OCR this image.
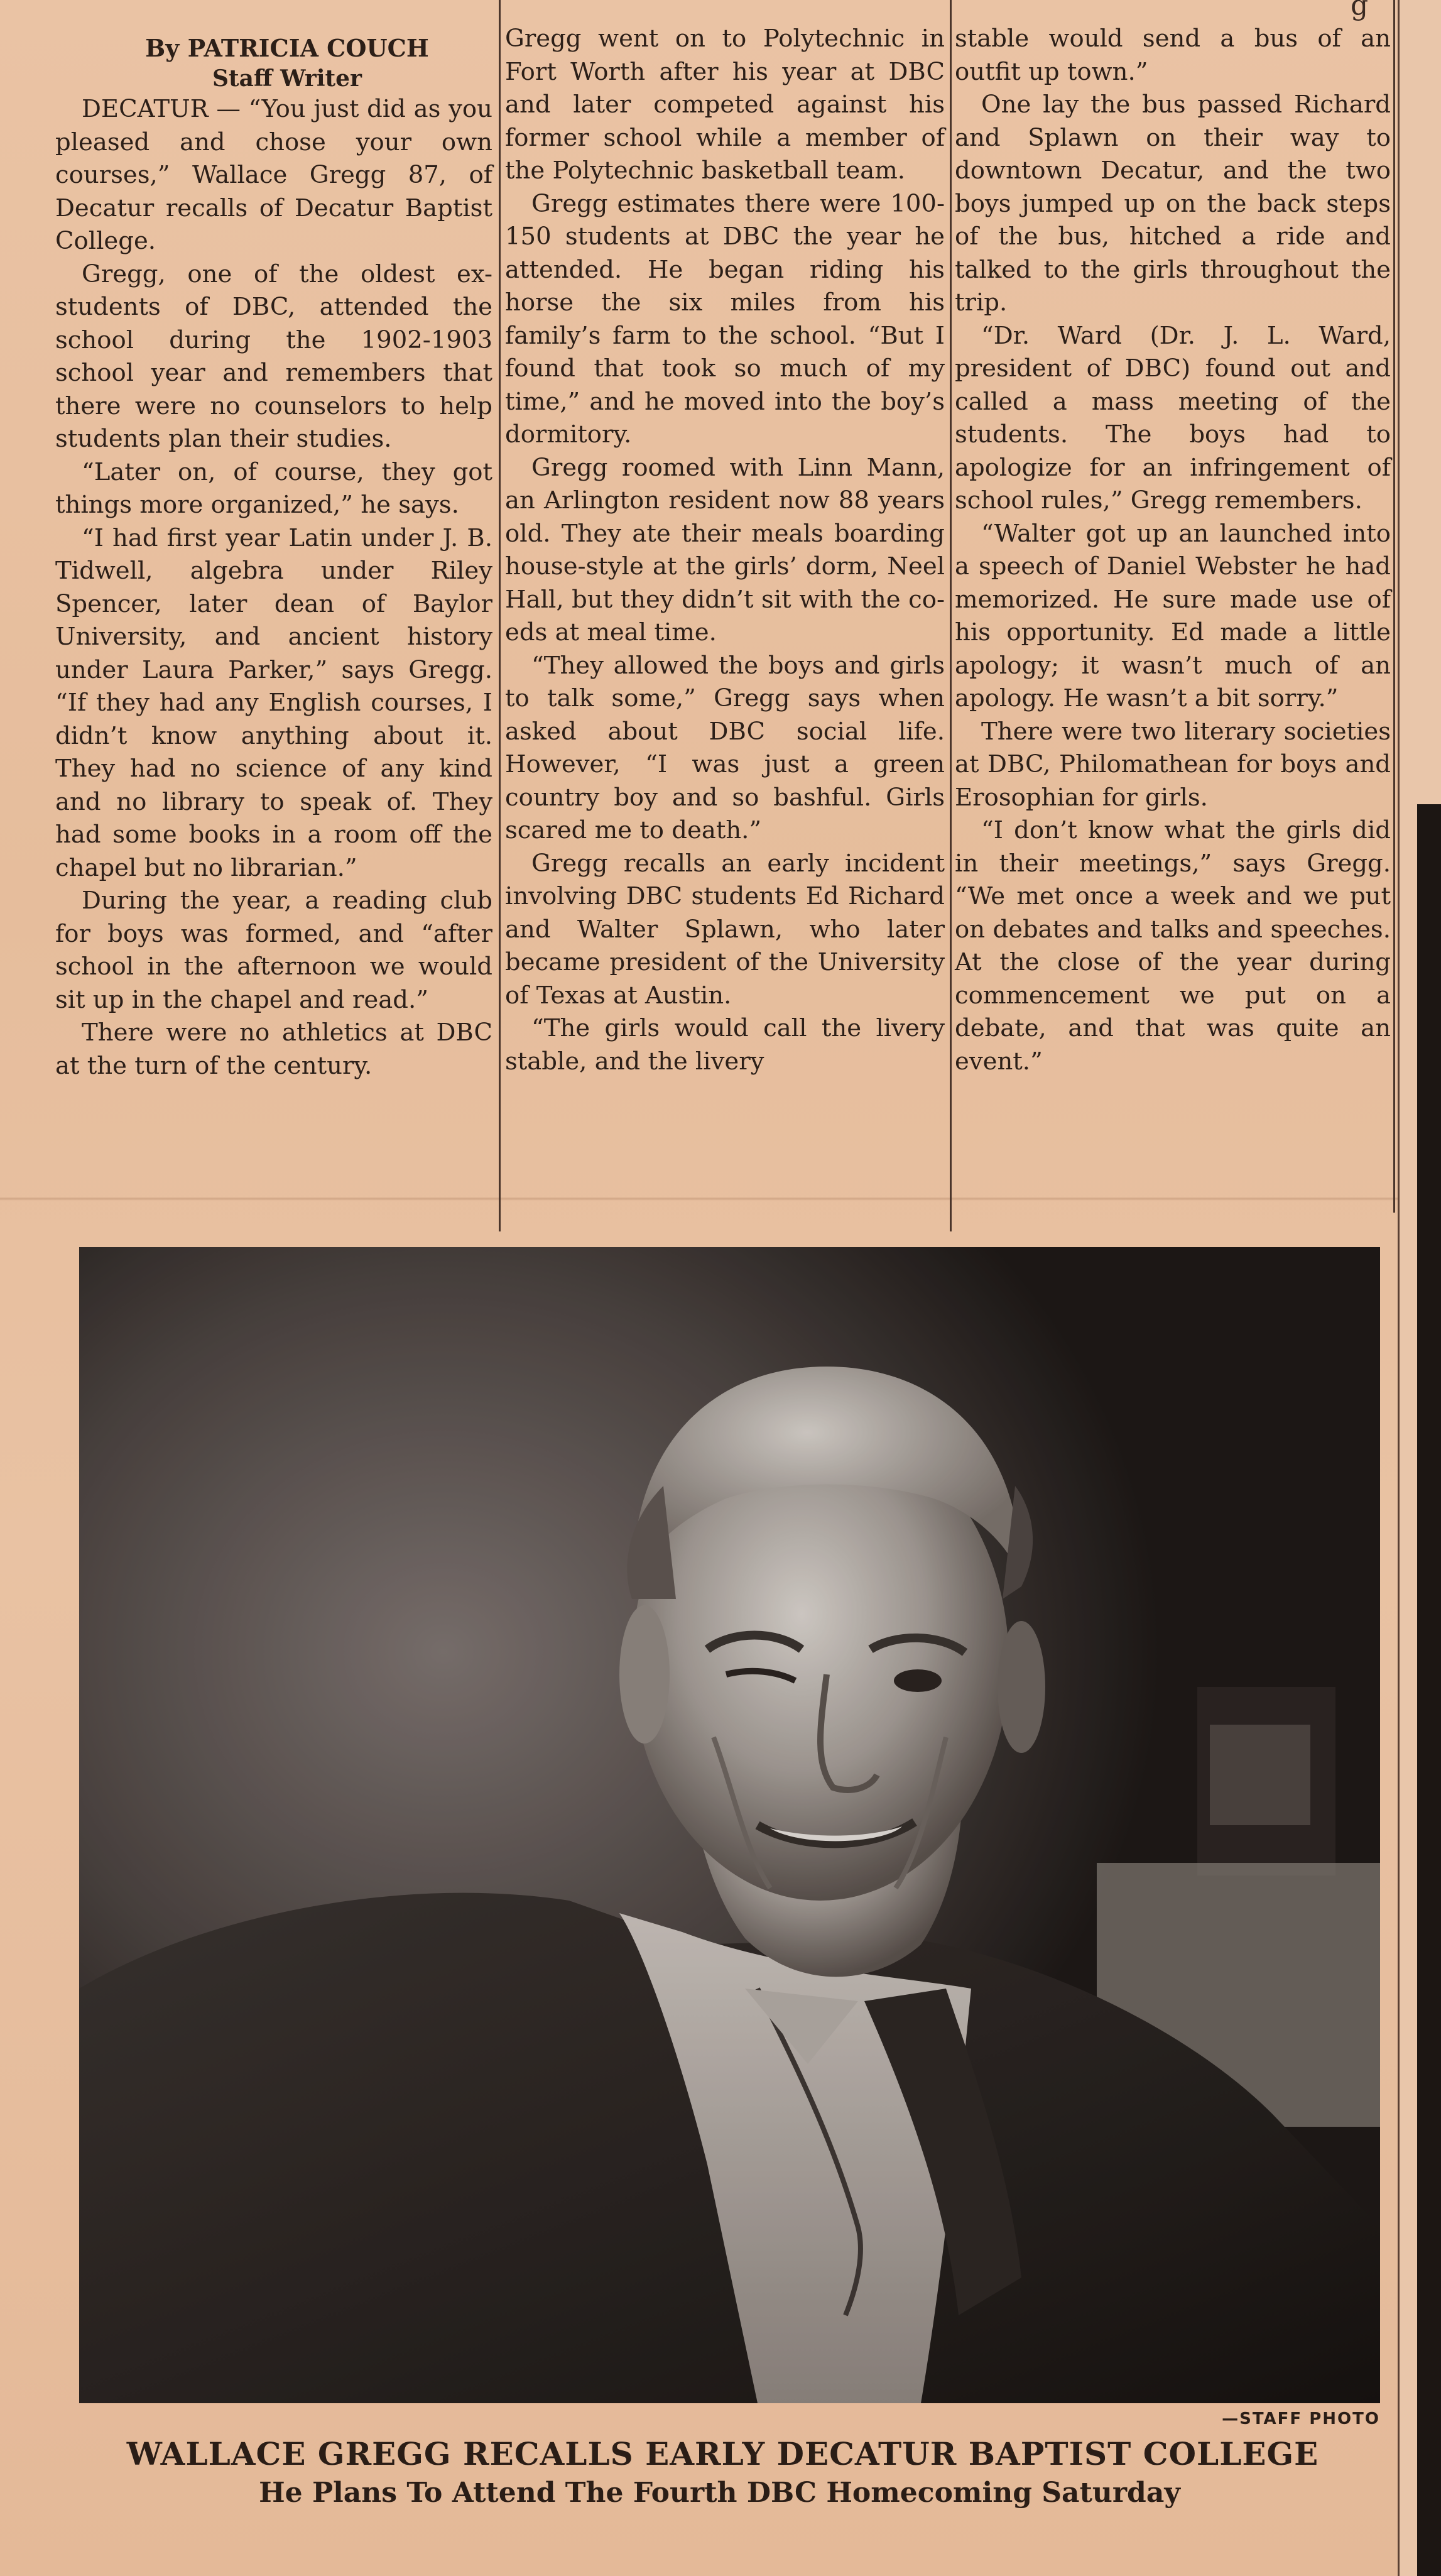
g

By PATRICIA COUCH

Staff Writer

DECATUR — “You just did as you pleased and chose your own courses,” Wallace Gregg 87, of Decatur recalls of Decatur Baptist College.

Gregg, one of the oldest ex-students of DBC, attended the school during the 1902-1903 school year and remembers that there were no counselors to help students plan their studies.

“Later on, of course, they got things more organized,” he says.

“I had first year Latin under J. B. Tidwell, algebra under Riley Spencer, later dean of Baylor University, and ancient history under Laura Parker,” says Gregg. “If they had any English courses, I didn’t know anything about it. They had no science of any kind and no library to speak of. They had some books in a room off the chapel but no librarian.”

During the year, a reading club for boys was formed, and “after school in the afternoon we would sit up in the chapel and read.”

There were no athletics at DBC at the turn of the century.

Gregg went on to Polytechnic in Fort Worth after his year at DBC and later competed against his former school while a member of the Polytechnic basketball team.

Gregg estimates there were 100-150 students at DBC the year he attended. He began riding his horse the six miles from his family’s farm to the school. “But I found that took so much of my time,” and he moved into the boy’s dormitory.

Gregg roomed with Linn Mann, an Arlington resident now 88 years old. They ate their meals boarding house-style at the girls’ dorm, Neel Hall, but they didn’t sit with the co-eds at meal time.

“They allowed the boys and girls to talk some,” Gregg says when asked about DBC social life. However, “I was just a green country boy and so bashful. Girls scared me to death.”

Gregg recalls an early incident involving DBC students Ed Richard and Walter Splawn, who later became president of the University of Texas at Austin.

“The girls would call the livery stable, and the livery

stable would send a bus of an outfit up town.”

One lay the bus passed Richard and Splawn on their way to downtown Decatur, and the two boys jumped up on the back steps of the bus, hitched a ride and talked to the girls throughout the trip.

“Dr. Ward (Dr. J. L. Ward, president of DBC) found out and called a mass meeting of the students. The boys had to apologize for an infringement of school rules,” Gregg remembers.

“Walter got up an launched into a speech of Daniel Webster he had memorized. He sure made use of his opportunity. Ed made a little apology; it wasn’t much of an apology. He wasn’t a bit sorry.”

There were two literary societies at DBC, Philomathean for boys and Erosophian for girls.

“I don’t know what the girls did in their meetings,” says Gregg. “We met once a week and we put on debates and talks and speeches. At the close of the year during commencement we put on a debate, and that was quite an event.”

—STAFF PHOTO
WALLACE GREGG RECALLS EARLY DECATUR BAPTIST COLLEGE
He Plans To Attend The Fourth DBC Homecoming Saturday
